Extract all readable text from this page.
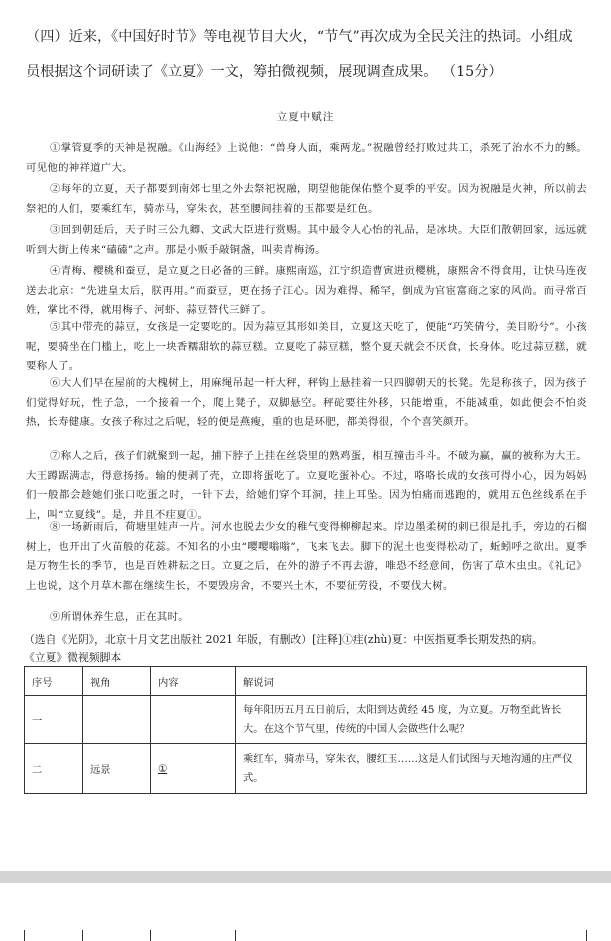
（四）近来，《中国好时节》等电视节目大火，“节气”再次成为全民关注的热词。小组成
员根据这个词研读了《立夏》一文，筹拍微视频，展现调查成果。 （15分）
立夏中赋注

①掌管夏季的天神是祝融。《山海经》上说他：“兽身人面，乘两龙。”祝融曾经打败过共工，杀死了治水不力的鲧。可见他的神祥道广大。

②每年的立夏，天子都要到南郊七里之外去祭祀祝融，期望他能保佑整个夏季的平安。因为祝融是火神，所以前去祭祀的人们，要乘红车，骑赤马，穿朱衣，甚至腰间挂着的玉都要是红色。

③回到朝廷后，天子时三公九卿、文武大臣进行赏赐。其中最令人心怡的礼品，是冰块。大臣们散朝回家，远远就听到大街上传来“磕磕”之声。那是小贩手敲铜盏，叫卖青梅汤。

④青梅、樱桃和蚕豆，是立夏之日必备的三鲜。康熙南巡，江宁织造曹寅进贡樱桃，康熙舍不得食用，让快马连夜送去北京：“先进皇太后，朕再用。”而蚕豆，更在扬子江心。因为难得、稀罕，倒成为官宦富商之家的风尚。而寻常百姓，掌比不得，就用梅子、河虾、蒜豆替代三鲜了。

⑤其中带壳的蒜豆，女孩是一定要吃的。因为蒜豆其形如美目，立夏这天吃了，便能“巧笑倩兮，美目盼兮”。小孩呢，要骑坐在门槛上，吃上一块香糯甜软的蒜豆糕。立夏吃了蒜豆糕，整个夏天就会不厌食，长身体。吃过蒜豆糕，就要称人了。

⑥大人们早在屋前的大槐树上，用麻绳吊起一杆大秤，秤钩上悬挂着一只四脚朝天的长凳。先是称孩子，因为孩子们觉得好玩，性子急，一个接着一个，爬上凳子，双脚悬空。秤砣要往外移，只能增重，不能减重，如此便会不怕炎热，长寿健康。女孩子称过之后呢，轻的便是燕瘦，重的也是环肥，都美得很，个个喜笑颜开。

⑦称人之后，孩子们就聚到一起，捕下脖子上挂在丝袋里的熟鸡蛋，相互撞击斗斗。不破为赢，赢的被称为大王。大王蹲踞满志，得意扬扬。输的便剥了壳，立即将蛋吃了。立夏吃蛋补心。不过，咯咯长成的女孩可得小心，因为妈妈们一般都会趁她们张口吃蛋之时，一针下去，给她们穿个耳洞，挂上耳坠。因为怕痛而逃跑的，就用五色丝线系在手上，叫“立夏线”。是，并且不疰夏①。

⑧一场新雨后，荷塘里娃声一片。河水也脱去少女的稚气变得柳柳起来。岸边墨柔树的刺已很是扎手，旁边的石榴树上，也开出了火苗般的花蕊。不知名的小虫“嘤嘤嗡嗡”，飞来飞去。脚下的泥土也变得松动了，蚯蚓呼之欲出。夏季是万物生长的季节，也是百姓耕耘之日。立夏之后，在外的游子不再去游，唯恐不经意间，伤害了草木虫虫。《礼记》上也说，这个月草木都在继续生长，不要毁房舍，不要兴土木，不要征劳役，不要伐大树。

⑨所谓休养生息，正在其时。

（选自《光阴》，北京十月文艺出版社 2021 年版，有删改）[注释]①疰(zhù)夏：中医指夏季长期发热的病。
《立夏》微视频脚本
序号	视角	内容	解说词
一			每年阳历五月五日前后，太阳到达黄经 45 度，为立夏。万物至此皆长大。在这个节气里，传统的中国人会做些什么呢？
二	远景	①	乘红车，骑赤马，穿朱衣，腰红玉……这是人们试图与天地沟通的庄严仪式。
